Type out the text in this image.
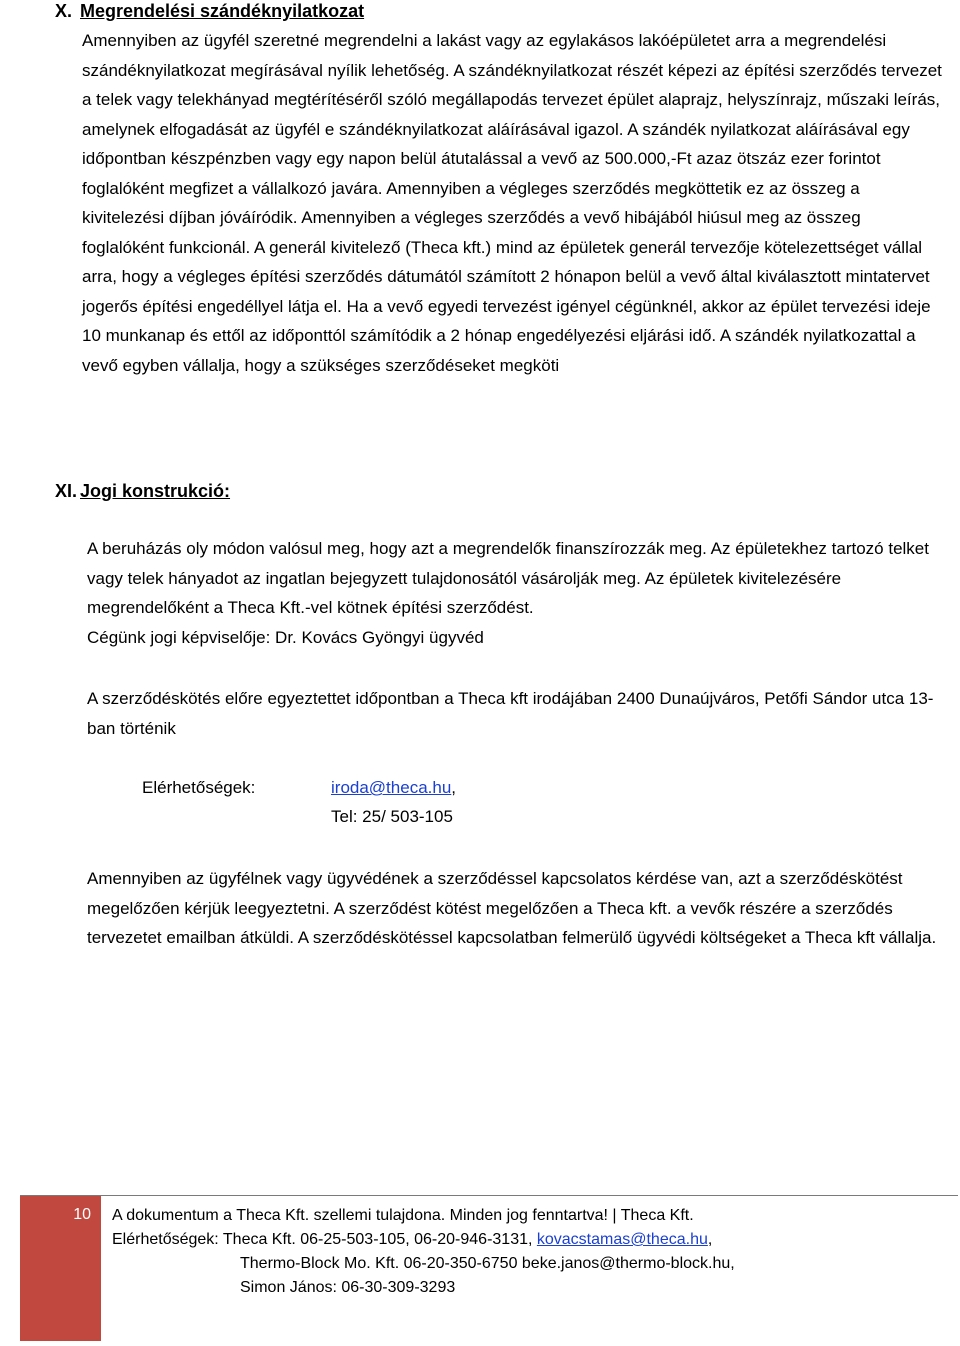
X. Megrendelési szándéknyilatkozat

Amennyiben az ügyfél szeretné megrendelni a lakást vagy az egylakásos lakóépületet arra a megrendelési szándéknyilatkozat megírásával nyílik lehetőség. A szándéknyilatkozat részét képezi az építési szerződés tervezet a telek vagy telekhányad megtérítéséről szóló megállapodás tervezet épület alaprajz, helyszínrajz, műszaki leírás, amelynek elfogadását az ügyfél e szándéknyilatkozat aláírásával igazol. A szándék nyilatkozat aláírásával egy időpontban készpénzben vagy egy napon belül átutalással a vevő az 500.000,-Ft azaz ötszáz ezer forintot foglalóként megfizet a vállalkozó javára. Amennyiben a végleges szerződés megköttetik ez az összeg a kivitelezési díjban jóváíródik. Amennyiben a végleges szerződés a vevő hibájából hiúsul meg az összeg foglalóként funkcionál. A generál kivitelező (Theca kft.) mind az épületek generál tervezője kötelezettséget vállal arra, hogy a végleges építési szerződés dátumától számított 2 hónapon belül a vevő által kiválasztott mintatervet jogerős építési engedéllyel látja el. Ha a vevő egyedi tervezést igényel cégünknél, akkor az épület tervezési ideje 10 munkanap és ettől az időponttól számítódik a 2 hónap engedélyezési eljárási idő. A szándék nyilatkozattal a vevő egyben vállalja, hogy a szükséges szerződéseket megköti

XI. Jogi konstrukció:

A beruházás oly módon valósul meg, hogy azt a megrendelők finanszírozzák meg. Az épületekhez tartozó telket vagy telek hányadot az ingatlan bejegyzett tulajdonosától vásárolják meg. Az épületek kivitelezésére megrendelőként a Theca Kft.-vel kötnek építési szerződést.
Cégünk jogi képviselője: Dr. Kovács Gyöngyi ügyvéd

A szerződéskötés előre egyeztettet időpontban a Theca kft irodájában 2400 Dunaújváros, Petőfi Sándor utca 13-ban történik

Elérhetőségek:	iroda@theca.hu,
Tel: 25/ 503-105

Amennyiben az ügyfélnek vagy ügyvédének a szerződéssel kapcsolatos kérdése van, azt a szerződéskötést megelőzően kérjük leegyeztetni. A szerződést kötést megelőzően a Theca kft. a vevők részére a szerződés tervezetet emailban átküldi. A szerződéskötéssel kapcsolatban felmerülő ügyvédi költségeket a Theca kft vállalja.

10	A dokumentum a Theca Kft. szellemi tulajdona. Minden jog fenntartva! | Theca Kft.
Elérhetőségek: Theca Kft. 06-25-503-105, 06-20-946-3131, kovacstamas@theca.hu,
Thermo-Block Mo. Kft. 06-20-350-6750 beke.janos@thermo-block.hu,
Simon János: 06-30-309-3293
